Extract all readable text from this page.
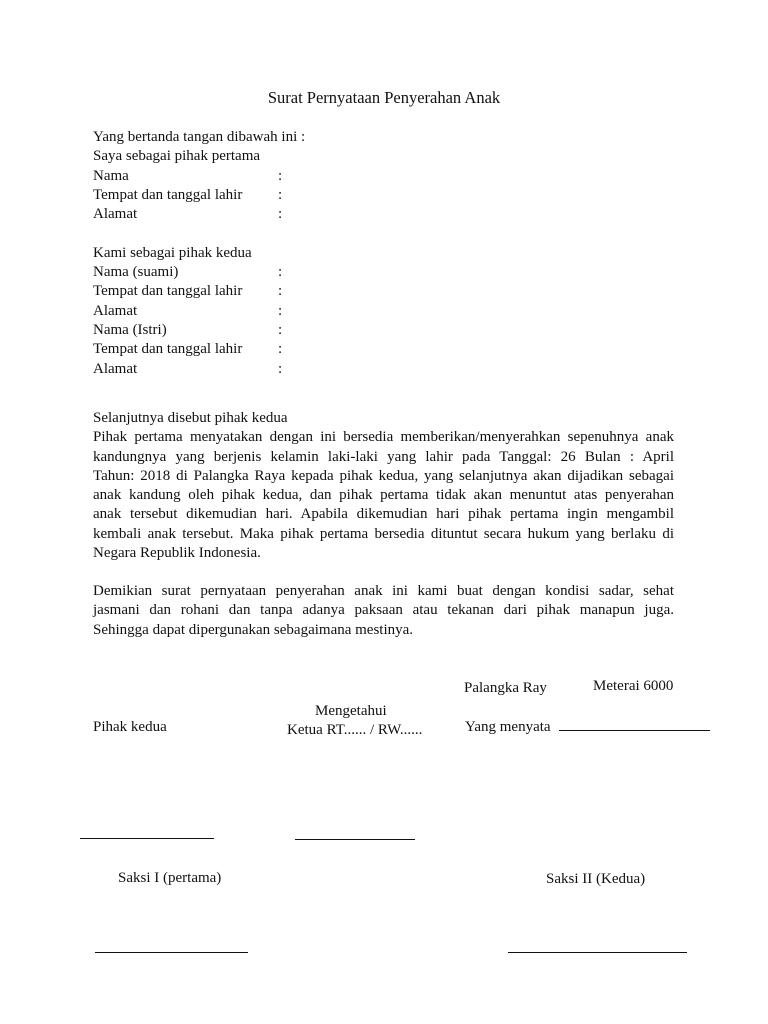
Surat Pernyataan Penyerahan Anak
Yang bertanda tangan dibawah ini :
Saya sebagai pihak pertama
Nama	:
Tempat dan tanggal lahir :
Alamat	:
Kami sebagai pihak kedua
Nama (suami)	:
Tempat dan tanggal lahir :
Alamat	:
Nama (Istri)	:
Tempat dan tanggal lahir :
Alamat	:
Selanjutnya disebut pihak kedua
Pihak pertama menyatakan dengan ini bersedia memberikan/menyerahkan sepenuhnya anak
kandungnya yang berjenis kelamin laki-laki yang lahir pada Tanggal: 26 Bulan : April
Tahun: 2018 di Palangka Raya kepada pihak kedua, yang selanjutnya akan dijadikan sebagai
anak kandung oleh pihak kedua, dan pihak pertama tidak akan menuntut atas penyerahan
anak tersebut dikemudian hari. Apabila dikemudian hari pihak pertama ingin mengambil
kembali anak tersebut. Maka pihak pertama bersedia dituntut secara hukum yang berlaku di
Negara Republik Indonesia.
Demikian surat pernyataan penyerahan anak ini kami buat dengan kondisi sadar, sehat
jasmani dan rohani dan tanpa adanya paksaan atau tekanan dari pihak manapun juga.
Sehingga dapat dipergunakan sebagaimana mestinya.
Palangka Ray	Meterai 6000
Mengetahui
Ketua RT...... / RW......
Pihak kedua	Yang menyata
Saksi I (pertama)	Saksi II (Kedua)
